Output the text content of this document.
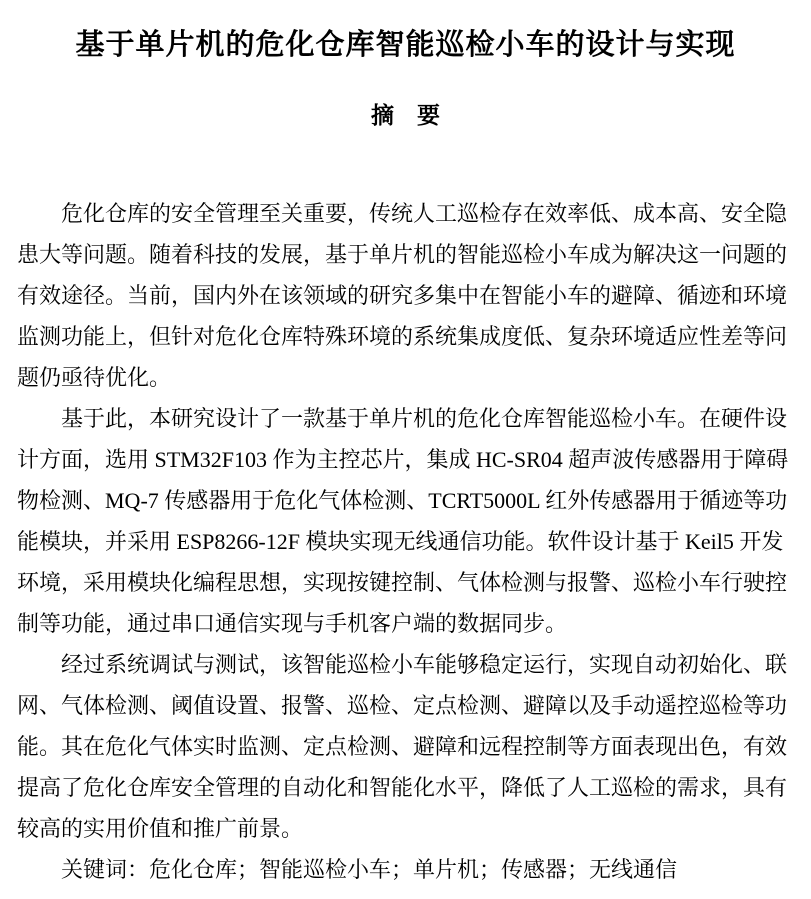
基于单片机的危化仓库智能巡检小车的设计与实现
摘    要
危化仓库的安全管理至关重要，传统人工巡检存在效率低、成本高、安全隐
患大等问题。随着科技的发展，基于单片机的智能巡检小车成为解决这一问题的
有效途径。当前，国内外在该领域的研究多集中在智能小车的避障、循迹和环境
监测功能上，但针对危化仓库特殊环境的系统集成度低、复杂环境适应性差等问
题仍亟待优化。
基于此，本研究设计了一款基于单片机的危化仓库智能巡检小车。在硬件设
计方面，选用 STM32F103 作为主控芯片，集成 HC-SR04 超声波传感器用于障碍
物检测、MQ-7 传感器用于危化气体检测、TCRT5000L 红外传感器用于循迹等功
能模块，并采用 ESP8266-12F 模块实现无线通信功能。软件设计基于 Keil5 开发
环境，采用模块化编程思想，实现按键控制、气体检测与报警、巡检小车行驶控
制等功能，通过串口通信实现与手机客户端的数据同步。
经过系统调试与测试，该智能巡检小车能够稳定运行，实现自动初始化、联
网、气体检测、阈值设置、报警、巡检、定点检测、避障以及手动遥控巡检等功
能。其在危化气体实时监测、定点检测、避障和远程控制等方面表现出色，有效
提高了危化仓库安全管理的自动化和智能化水平，降低了人工巡检的需求，具有
较高的实用价值和推广前景。
关键词：危化仓库；智能巡检小车；单片机；传感器；无线通信
